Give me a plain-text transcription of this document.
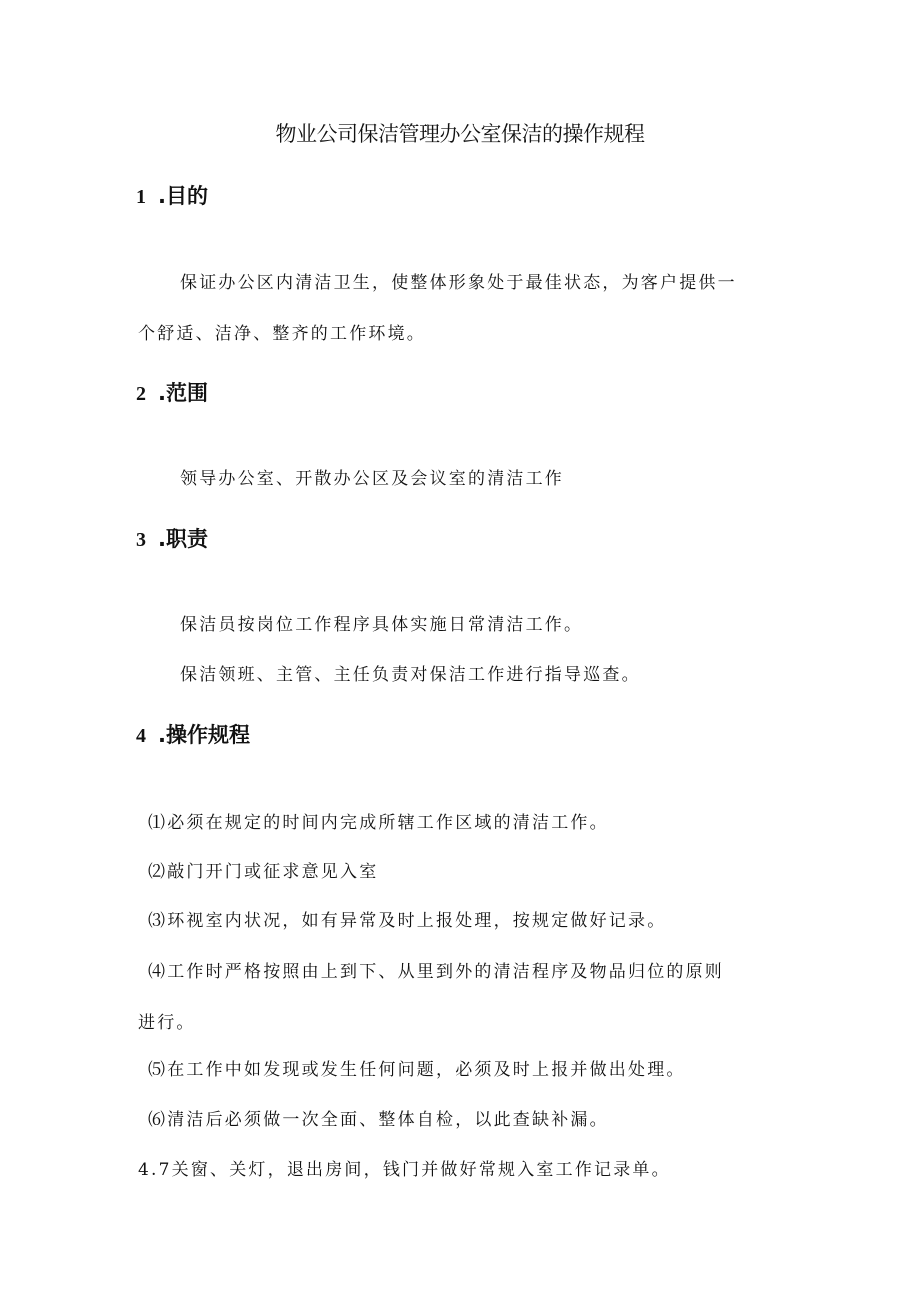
物业公司保洁管理办公室保洁的操作规程
1 .目的
保证办公区内清洁卫生，使整体形象处于最佳状态，为客户提供一
个舒适、洁净、整齐的工作环境。
2 .范围
领导办公室、开散办公区及会议室的清洁工作
3 .职责
保洁员按岗位工作程序具体实施日常清洁工作。
保洁领班、主管、主任负责对保洁工作进行指导巡查。
4 .操作规程
⑴必须在规定的时间内完成所辖工作区域的清洁工作。
⑵敲门开门或征求意见入室
⑶环视室内状况，如有异常及时上报处理，按规定做好记录。
⑷工作时严格按照由上到下、从里到外的清洁程序及物品归位的原则
进行。
⑸在工作中如发现或发生任何问题，必须及时上报并做出处理。
⑹清洁后必须做一次全面、整体自检，以此查缺补漏。
4.7关窗、关灯，退出房间，钱门并做好常规入室工作记录单。
